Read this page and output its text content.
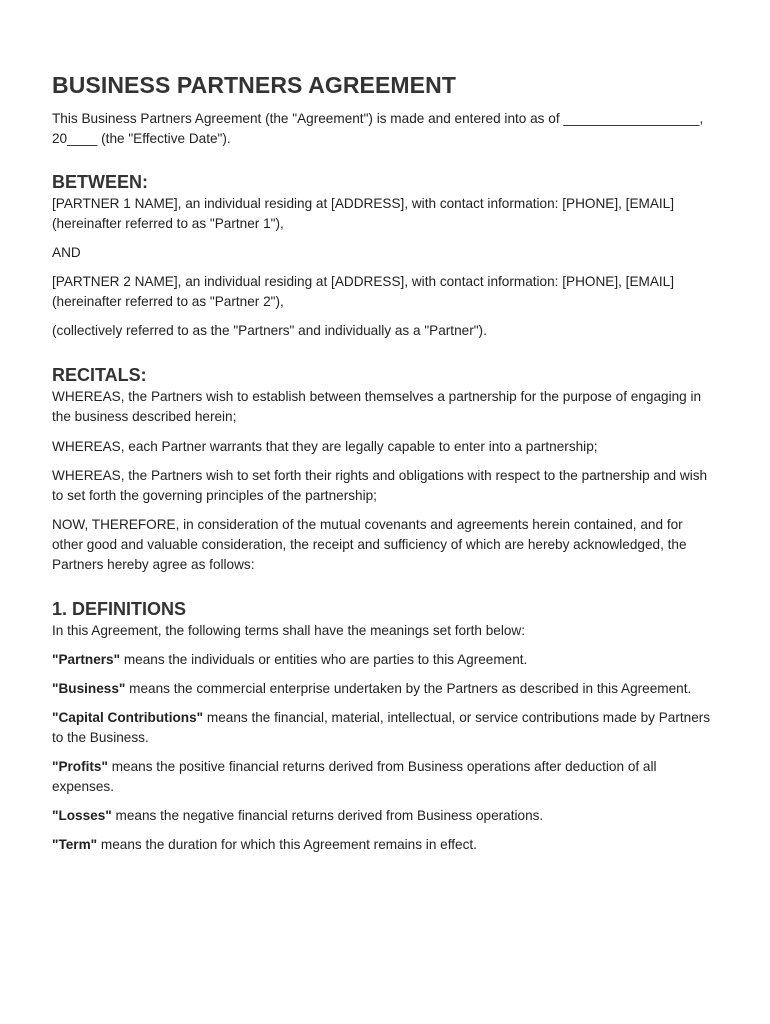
BUSINESS PARTNERS AGREEMENT

This Business Partners Agreement (the "Agreement") is made and entered into as of __________________, 20____ (the "Effective Date").

BETWEEN:

[PARTNER 1 NAME], an individual residing at [ADDRESS], with contact information: [PHONE], [EMAIL] (hereinafter referred to as "Partner 1"),

AND

[PARTNER 2 NAME], an individual residing at [ADDRESS], with contact information: [PHONE], [EMAIL] (hereinafter referred to as "Partner 2"),

(collectively referred to as the "Partners" and individually as a "Partner").

RECITALS:

WHEREAS, the Partners wish to establish between themselves a partnership for the purpose of engaging in the business described herein;

WHEREAS, each Partner warrants that they are legally capable to enter into a partnership;

WHEREAS, the Partners wish to set forth their rights and obligations with respect to the partnership and wish to set forth the governing principles of the partnership;

NOW, THEREFORE, in consideration of the mutual covenants and agreements herein contained, and for other good and valuable consideration, the receipt and sufficiency of which are hereby acknowledged, the Partners hereby agree as follows:

1. DEFINITIONS

In this Agreement, the following terms shall have the meanings set forth below:

"Partners" means the individuals or entities who are parties to this Agreement.

"Business" means the commercial enterprise undertaken by the Partners as described in this Agreement.

"Capital Contributions" means the financial, material, intellectual, or service contributions made by Partners to the Business.

"Profits" means the positive financial returns derived from Business operations after deduction of all expenses.

"Losses" means the negative financial returns derived from Business operations.

"Term" means the duration for which this Agreement remains in effect.
